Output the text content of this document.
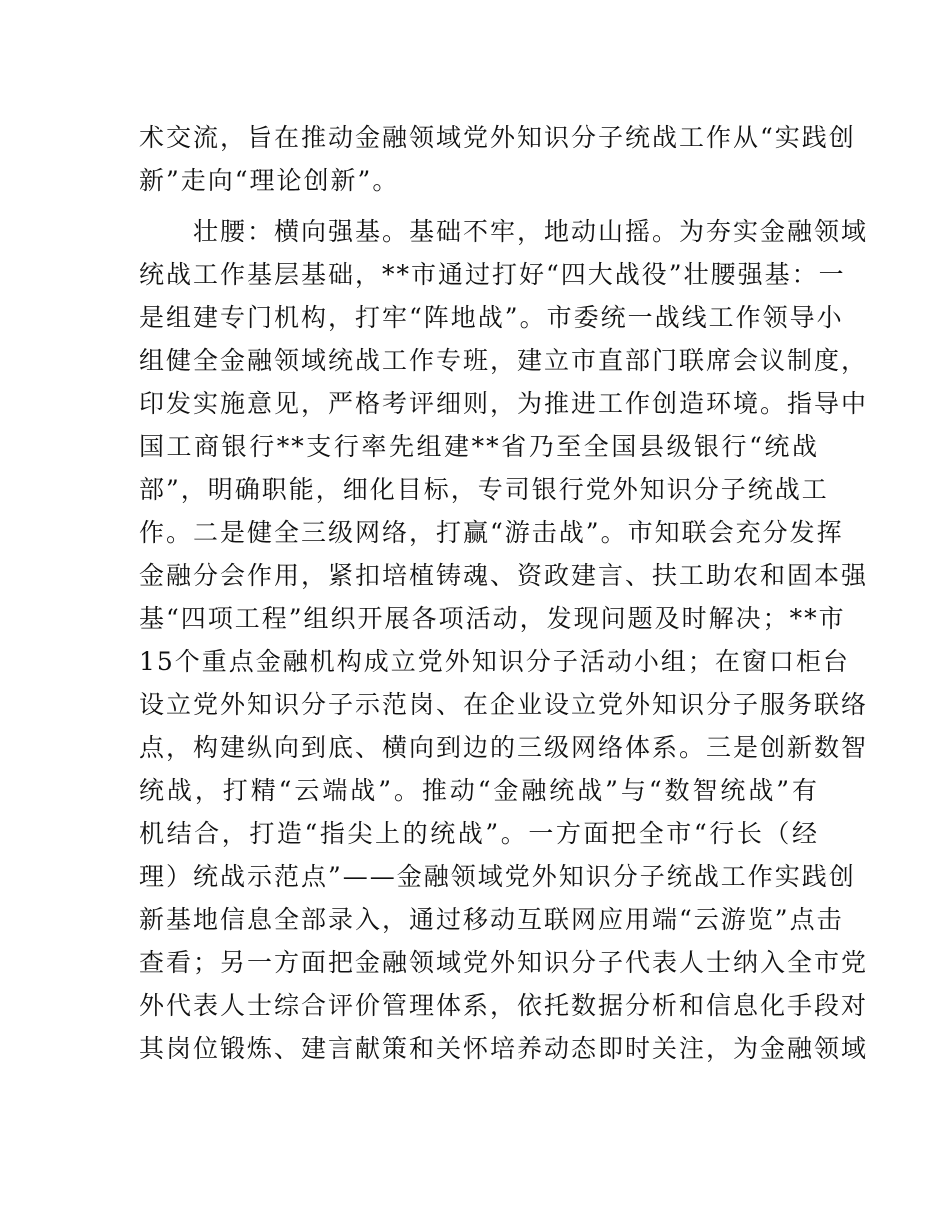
术交流，旨在推动金融领域党外知识分子统战工作从“实践创
新”走向“理论创新”。
　　壮腰：横向强基。基础不牢，地动山摇。为夯实金融领域
统战工作基层基础，**市通过打好“四大战役”壮腰强基：一
是组建专门机构，打牢“阵地战”。市委统一战线工作领导小
组健全金融领域统战工作专班，建立市直部门联席会议制度，
印发实施意见，严格考评细则，为推进工作创造环境。指导中
国工商银行**支行率先组建**省乃至全国县级银行“统战
部”，明确职能，细化目标，专司银行党外知识分子统战工
作。二是健全三级网络，打赢“游击战”。市知联会充分发挥
金融分会作用，紧扣培植铸魂、资政建言、扶工助农和固本强
基“四项工程”组织开展各项活动，发现问题及时解决；**市
15个重点金融机构成立党外知识分子活动小组；在窗口柜台
设立党外知识分子示范岗、在企业设立党外知识分子服务联络
点，构建纵向到底、横向到边的三级网络体系。三是创新数智
统战，打精“云端战”。推动“金融统战”与“数智统战”有
机结合，打造“指尖上的统战”。一方面把全市“行长（经
理）统战示范点”——金融领域党外知识分子统战工作实践创
新基地信息全部录入，通过移动互联网应用端“云游览”点击
查看；另一方面把金融领域党外知识分子代表人士纳入全市党
外代表人士综合评价管理体系，依托数据分析和信息化手段对
其岗位锻炼、建言献策和关怀培养动态即时关注，为金融领域
